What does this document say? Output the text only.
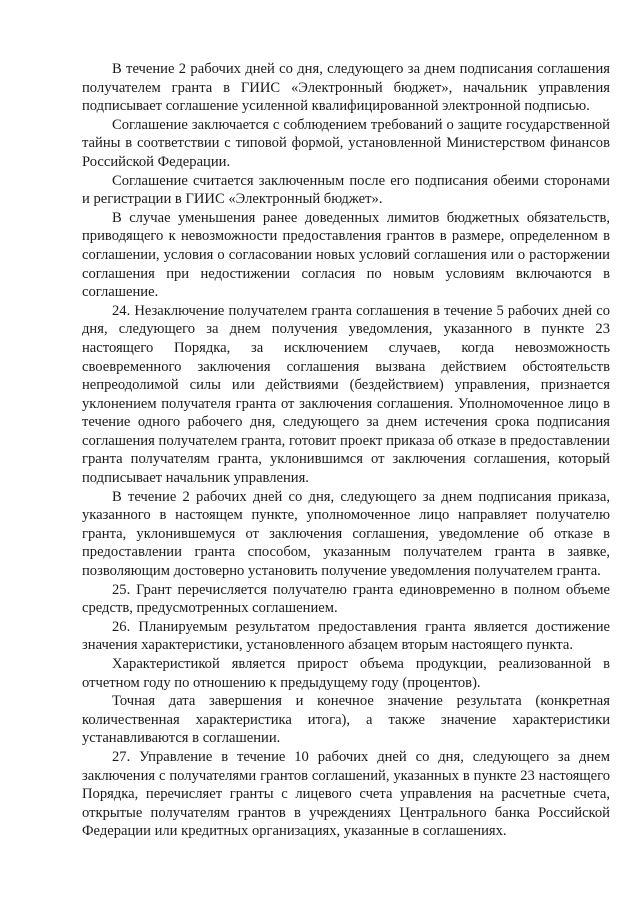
В течение 2 рабочих дней со дня, следующего за днем подписания соглашения получателем гранта в ГИИС «Электронный бюджет», начальник управления подписывает соглашение усиленной квалифицированной электронной подписью.

Соглашение заключается с соблюдением требований о защите государственной тайны в соответствии с типовой формой, установленной Министерством финансов Российской Федерации.

Соглашение считается заключенным после его подписания обеими сторонами и регистрации в ГИИС «Электронный бюджет».

В случае уменьшения ранее доведенных лимитов бюджетных обязательств, приводящего к невозможности предоставления грантов в размере, определенном в соглашении, условия о согласовании новых условий соглашения или о расторжении соглашения при недостижении согласия по новым условиям включаются в соглашение.

24. Незаключение получателем гранта соглашения в течение 5 рабочих дней со дня, следующего за днем получения уведомления, указанного в пункте 23 настоящего Порядка, за исключением случаев, когда невозможность своевременного заключения соглашения вызвана действием обстоятельств непреодолимой силы или действиями (бездействием) управления, признается уклонением получателя гранта от заключения соглашения. Уполномоченное лицо в течение одного рабочего дня, следующего за днем истечения срока подписания соглашения получателем гранта, готовит проект приказа об отказе в предоставлении гранта получателям гранта, уклонившимся от заключения соглашения, который подписывает начальник управления.

В течение 2 рабочих дней со дня, следующего за днем подписания приказа, указанного в настоящем пункте, уполномоченное лицо направляет получателю гранта, уклонившемуся от заключения соглашения, уведомление об отказе в предоставлении гранта способом, указанным получателем гранта в заявке, позволяющим достоверно установить получение уведомления получателем гранта.

25. Грант перечисляется получателю гранта единовременно в полном объеме средств, предусмотренных соглашением.

26. Планируемым результатом предоставления гранта является достижение значения характеристики, установленного абзацем вторым настоящего пункта.

Характеристикой является прирост объема продукции, реализованной в отчетном году по отношению к предыдущему году (процентов).

Точная дата завершения и конечное значение результата (конкретная количественная характеристика итога), а также значение характеристики устанавливаются в соглашении.

27. Управление в течение 10 рабочих дней со дня, следующего за днем заключения с получателями грантов соглашений, указанных в пункте 23 настоящего Порядка, перечисляет гранты с лицевого счета управления на расчетные счета, открытые получателям грантов в учреждениях Центрального банка Российской Федерации или кредитных организациях, указанные в соглашениях.
